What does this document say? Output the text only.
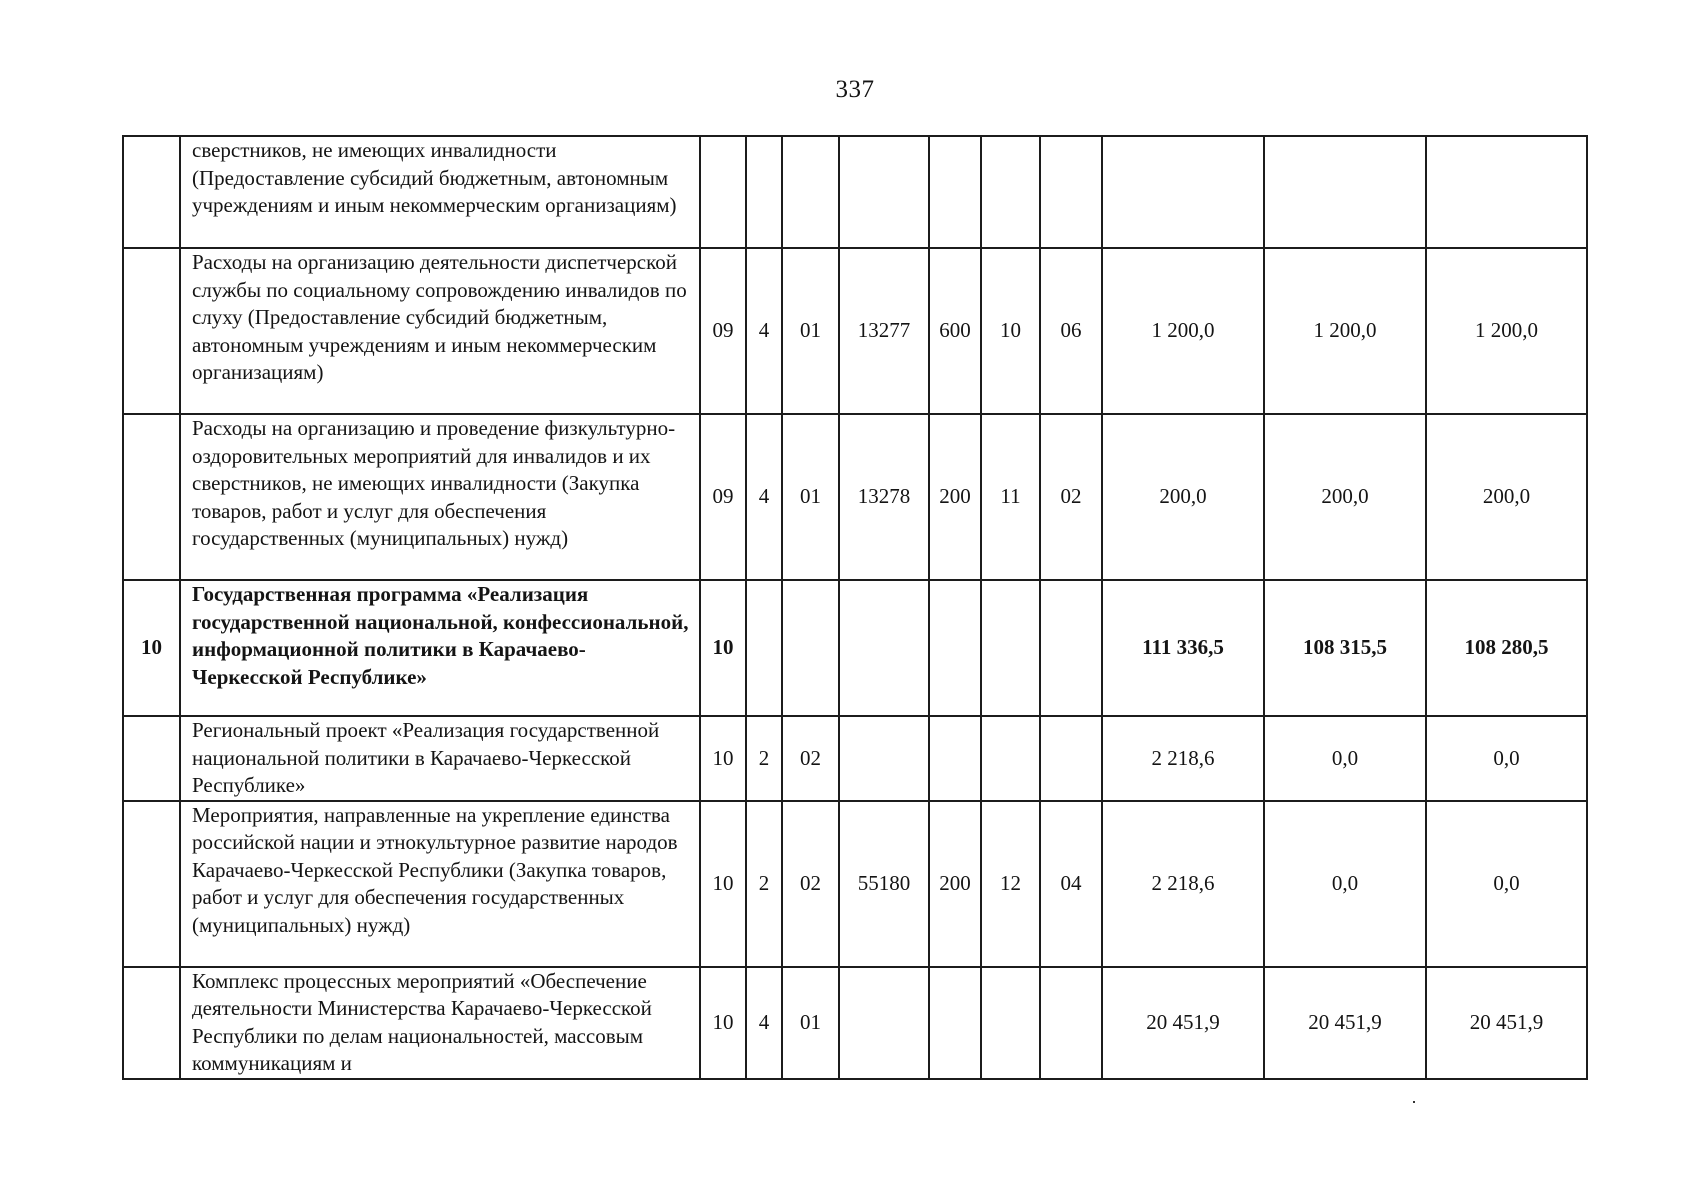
337
	сверстников, не имеющих инвалидности (Предоставление субсидий бюджетным, автономным учреждениям и иным некоммерческим организациям)										
	Расходы на организацию деятельности диспетчерской службы по социальному сопровождению инвалидов по слуху (Предоставление субсидий бюджетным, автономным учреждениям и иным некоммерческим организациям)	09	4	01	13277	600	10	06	1 200,0	1 200,0	1 200,0
	Расходы на организацию и проведение физкультурно-оздоровительных мероприятий для инвалидов и их сверстников, не имеющих инвалидности (Закупка товаров, работ и услуг для обеспечения государственных (муниципальных) нужд)	09	4	01	13278	200	11	02	200,0	200,0	200,0
10	Государственная программа «Реализация государственной национальной, конфессиональной, информационной политики в Карачаево-Черкесской Республике»	10							111 336,5	108 315,5	108 280,5
	Региональный проект «Реализация государственной национальной политики в Карачаево-Черкесской Республике»	10	2	02					2 218,6	0,0	0,0
	Мероприятия, направленные на укрепление единства российской нации и этнокультурное развитие народов Карачаево-Черкесской Республики (Закупка товаров, работ и услуг для обеспечения государственных (муниципальных) нужд)	10	2	02	55180	200	12	04	2 218,6	0,0	0,0
	Комплекс процессных мероприятий «Обеспечение деятельности Министерства Карачаево-Черкесской Республики по делам национальностей, массовым коммуникациям и	10	4	01					20 451,9	20 451,9	20 451,9
